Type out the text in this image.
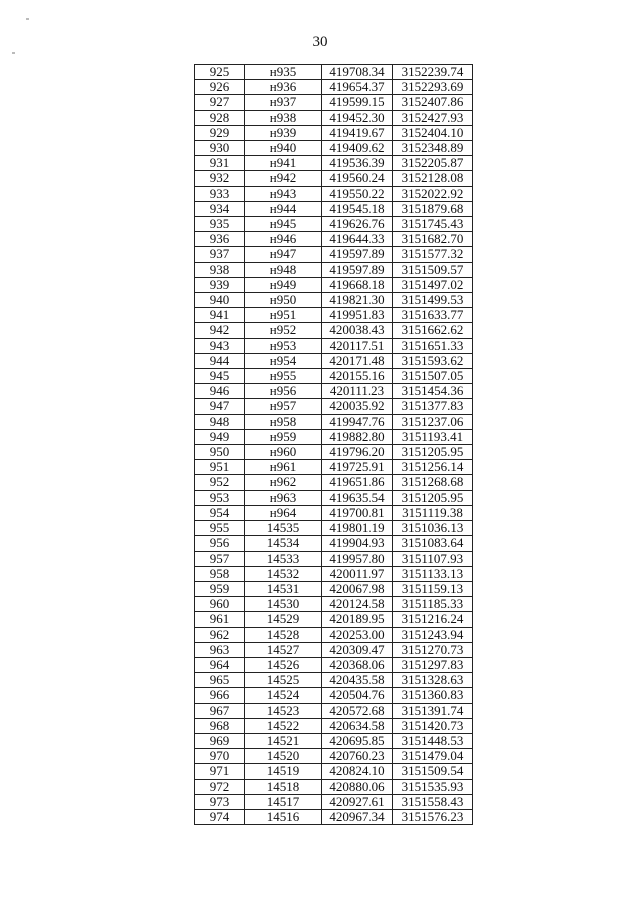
30
925	н935	419708.34	3152239.74
926	н936	419654.37	3152293.69
927	н937	419599.15	3152407.86
928	н938	419452.30	3152427.93
929	н939	419419.67	3152404.10
930	н940	419409.62	3152348.89
931	н941	419536.39	3152205.87
932	н942	419560.24	3152128.08
933	н943	419550.22	3152022.92
934	н944	419545.18	3151879.68
935	н945	419626.76	3151745.43
936	н946	419644.33	3151682.70
937	н947	419597.89	3151577.32
938	н948	419597.89	3151509.57
939	н949	419668.18	3151497.02
940	н950	419821.30	3151499.53
941	н951	419951.83	3151633.77
942	н952	420038.43	3151662.62
943	н953	420117.51	3151651.33
944	н954	420171.48	3151593.62
945	н955	420155.16	3151507.05
946	н956	420111.23	3151454.36
947	н957	420035.92	3151377.83
948	н958	419947.76	3151237.06
949	н959	419882.80	3151193.41
950	н960	419796.20	3151205.95
951	н961	419725.91	3151256.14
952	н962	419651.86	3151268.68
953	н963	419635.54	3151205.95
954	н964	419700.81	3151119.38
955	14535	419801.19	3151036.13
956	14534	419904.93	3151083.64
957	14533	419957.80	3151107.93
958	14532	420011.97	3151133.13
959	14531	420067.98	3151159.13
960	14530	420124.58	3151185.33
961	14529	420189.95	3151216.24
962	14528	420253.00	3151243.94
963	14527	420309.47	3151270.73
964	14526	420368.06	3151297.83
965	14525	420435.58	3151328.63
966	14524	420504.76	3151360.83
967	14523	420572.68	3151391.74
968	14522	420634.58	3151420.73
969	14521	420695.85	3151448.53
970	14520	420760.23	3151479.04
971	14519	420824.10	3151509.54
972	14518	420880.06	3151535.93
973	14517	420927.61	3151558.43
974	14516	420967.34	3151576.23
